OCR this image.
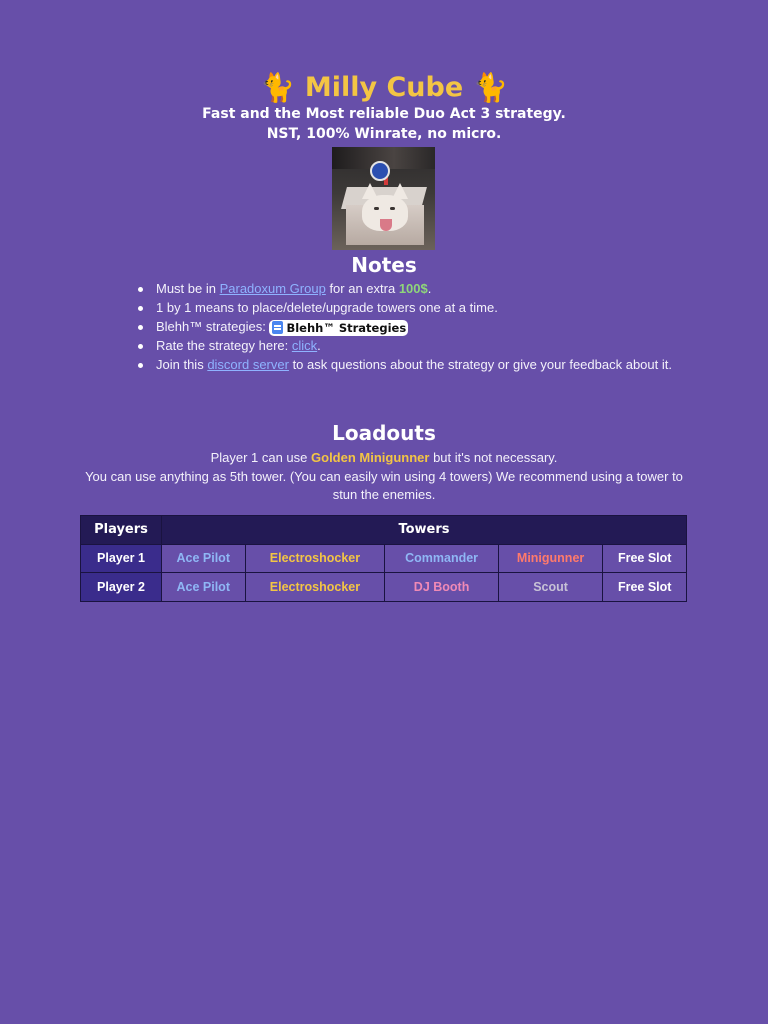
🐈 Milly Cube 🐈
Fast and the Most reliable Duo Act 3 strategy.
NST, 100% Winrate, no micro.
Notes
Must be in Paradoxum Group for an extra 100$.
1 by 1 means to place/delete/upgrade towers one at a time.
Blehh™ strategies: Blehh™ Strategies
Rate the strategy here: click.
Join this discord server to ask questions about the strategy or give your feedback about it.
Loadouts
Player 1 can use Golden Minigunner but it's not necessary.
You can use anything as 5th tower. (You can easily win using 4 towers) We recommend using a tower to stun the enemies.
Players	Towers				
Player 1	Ace Pilot	Electroshocker	Commander	Minigunner	Free Slot
Player 2	Ace Pilot	Electroshocker	DJ Booth	Scout	Free Slot
